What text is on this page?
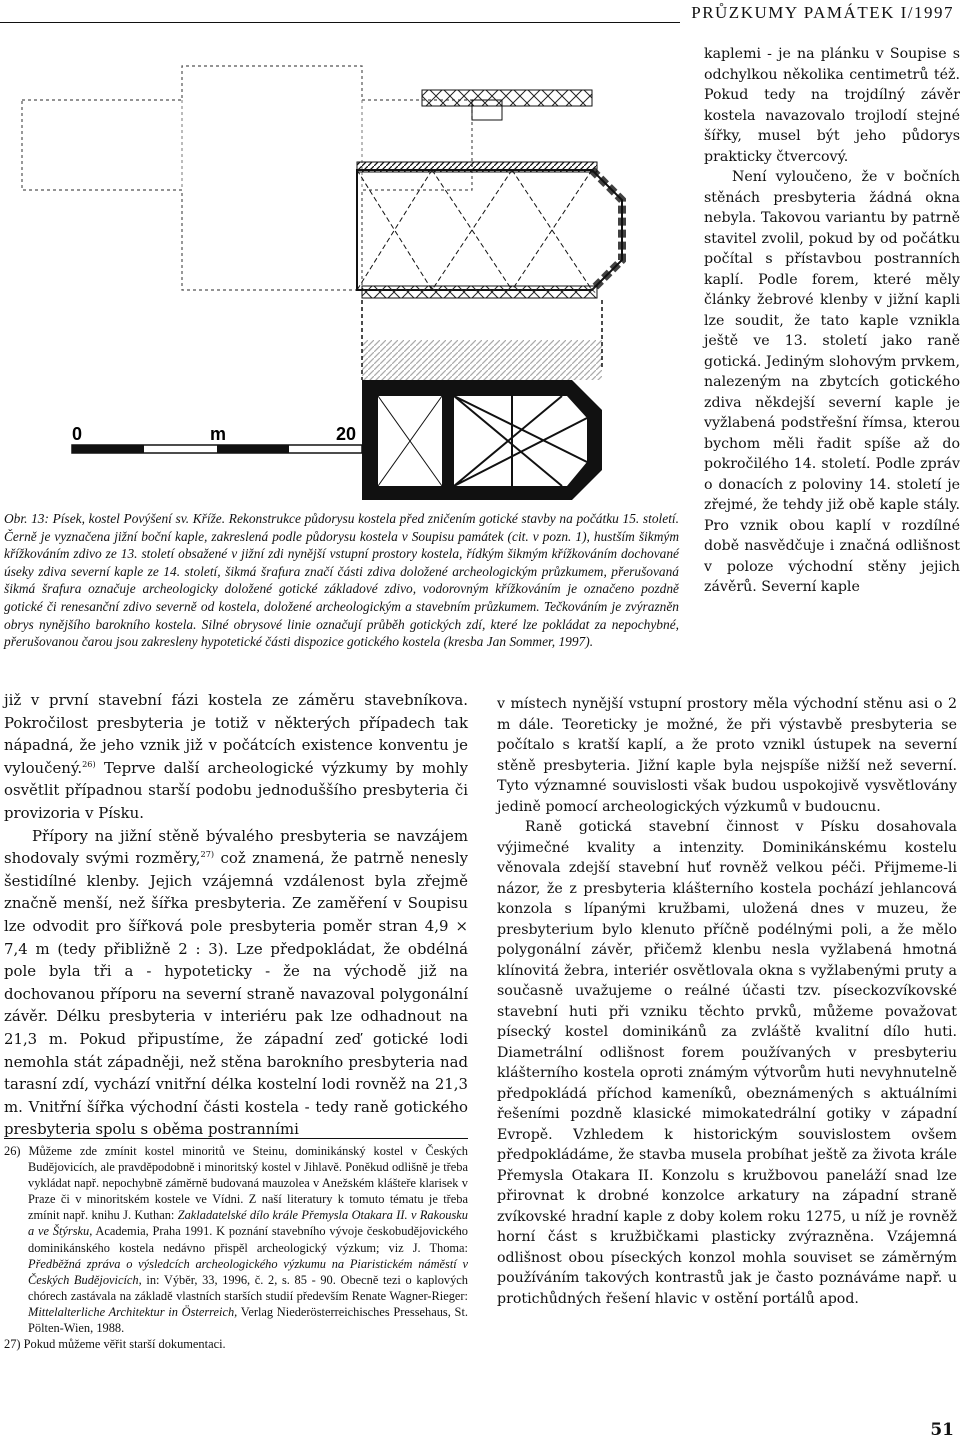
PRŮZKUMY PAMÁTEK I/1997
0	m	20

Obr. 13: Písek, kostel Povýšení sv. Kříže. Rekonstrukce půdorysu kostela před zničením gotické stavby na počátku 15. století. Černě je vyznačena jižní boční kaple, zakreslená podle půdorysu kostela v Soupisu památek (cit. v pozn. 1), hustším šikmým křížkováním zdivo ze 13. století obsažené v jižní zdi nynější vstupní prostory kostela, řídkým šikmým křížkováním dochované úseky zdiva severní kaple ze 14. století, šikmá šrafura značí části zdiva doložené archeologickým průzkumem, přerušovaná šikmá šrafura označuje archeologicky doložené gotické základové zdivo, vodorovným křížkováním je označeno pozdně gotické či renesanční zdivo severně od kostela, doložené archeologickým a stavebním průzkumem. Tečkováním je zvýrazněn obrys nynějšího barokního kostela. Silné obrysové linie označují průběh gotických zdí, které lze pokládat za nepochybné, přerušovanou čarou jsou zakresleny hypotetické části dispozice gotického kostela (kresba Jan Sommer, 1997).

kaplemi - je na plánku v Soupise s odchylkou několika centimetrů též. Pokud tedy na trojdílný závěr kostela navazovalo trojlodí stejné šířky, musel být jeho půdorys prakticky čtvercový.

Není vyloučeno, že v bočních stěnách presbyteria žádná okna nebyla. Takovou variantu by patrně stavitel zvolil, pokud by od počátku počítal s přístavbou postranních kaplí. Podle forem, které měly články žebrové klenby v jižní kapli lze soudit, že tato kaple vznikla ještě ve 13. století jako raně gotická. Jediným slohovým prvkem, nalezeným na zbytcích gotického zdiva někdejší severní kaple je vyžlabená podstřešní římsa, kterou bychom měli řadit spíše až do pokročilého 14. století. Podle zpráv o donacích z poloviny 14. století je zřejmé, že tehdy již obě kaple stály. Pro vznik obou kaplí v rozdílné době nasvědčuje i značná odlišnost v poloze východní stěny jejich závěrů. Severní kaple

v místech nynější vstupní prostory měla východní stěnu asi o 2 m dále. Teoreticky je možné, že při výstavbě presbyteria se počítalo s kratší kaplí, a že proto vznikl ústupek na severní stěně presbyteria. Jižní kaple byla nejspíše nižší než severní. Tyto významné souvislosti však budou uspokojivě vysvětlovány jedině pomocí archeologických výzkumů v budoucnu.

Raně gotická stavební činnost v Písku dosahovala výjimečné kvality a intenzity. Dominikánskému kostelu věnovala zdejší stavební huť rovněž velkou péči. Přijmeme-li názor, že z presbyteria klášterního kostela pochází jehlancová konzola s lípanými kružbami, uložená dnes v muzeu, že presbyterium bylo klenuto příčně podélnými poli, a že mělo polygonální závěr, přičemž klenbu nesla vyžlabená hmotná klínovitá žebra, interiér osvětlovala okna s vyžlabenými pruty a současně uvažujeme o reálné účasti tzv. píseckozvíkovské stavební huti při vzniku těchto prvků, můžeme považovat písecký kostel dominikánů za zvláště kvalitní dílo huti. Diametrální odlišnost forem používaných v presbyteriu klášterního kostela oproti známým výtvorům huti nevyhnutelně předpokládá příchod kameníků, obeznámených s aktuálními řešeními pozdně klasické mimokatedrální gotiky v západní Evropě. Vzhledem k historickým souvislostem ovšem předpokládáme, že stavba musela probíhat ještě za života krále Přemysla Otakara II. Konzolu s kružbovou paneláží snad lze přirovnat k drobné konzolce arkatury na západní straně zvíkovské hradní kaple z doby kolem roku 1275, u níž je rovněž horní část s kružbičkami plasticky zvýrazněna. Vzájemná odlišnost obou píseckých konzol mohla souviset se záměrným používáním takových kontrastů jak je často poznáváme např. u protichůdných řešení hlavic v ostění portálů apod.

již v první stavební fázi kostela ze záměru stavebníkova. Pokročilost presbyteria je totiž v některých případech tak nápadná, že jeho vznik již v počátcích existence konventu je vyloučený.$^{26)}$ Teprve další archeologické výzkumy by mohly osvětlit případnou starší podobu jednoduššího presbyteria či provizoria v Písku.

Přípory na jižní stěně bývalého presbyteria se navzájem shodovaly svými rozměry,$^{27)}$ což znamená, že patrně nenesly šestidílné klenby. Jejich vzájemná vzdálenost byla zřejmě značně menší, než šířka presbyteria. Ze zaměření v Soupisu lze odvodit pro šířková pole presbyteria poměr stran 4,9 × 7,4 m (tedy přibližně 2 : 3). Lze předpokládat, že obdélná pole byla tři a - hypoteticky - že na východě již na dochovanou příporu na severní straně navazoval polygonální závěr. Délku presbyteria v interiéru pak lze odhadnout na 21,3 m. Pokud připustíme, že západní zeď gotické lodi nemohla stát západněji, než stěna barokního presbyteria nad tarasní zdí, vychází vnitřní délka kostelní lodi rovněž na 21,3 m. Vnitřní šířka východní části kostela - tedy raně gotického presbyteria spolu s oběma postranními

26) Můžeme zde zmínit kostel minoritů ve Steinu, dominikánský kostel v Českých Budějovicích, ale pravděpodobně i minoritský kostel v Jihlavě. Poněkud odlišně je třeba vykládat např. nepochybně záměrně budovaná mauzolea v Anežském klášteře klarisek v Praze či v minoritském kostele ve Vídni. Z naší literatury k tomuto tématu je třeba zmínit např. knihu J. Kuthan: Zakladatelské dílo krále Přemysla Otakara II. v Rakousku a ve Štýrsku, Academia, Praha 1991. K poznání stavebního vývoje českobudějovického dominikánského kostela nedávno přispěl archeologický výzkum; viz J. Thoma: Předběžná zpráva o výsledcích archeologického výzkumu na Piaristickém náměstí v Českých Budějovicích, in: Výběr, 33, 1996, č. 2, s. 85 - 90. Obecně tezi o kaplových chórech zastávala na základě vlastních starších studií především Renate Wagner-Rieger: Mittelalterliche Architektur in Österreich, Verlag Niederösterreichisches Pressehaus, St. Pölten-Wien, 1988.

27) Pokud můžeme věřit starší dokumentaci.

51
